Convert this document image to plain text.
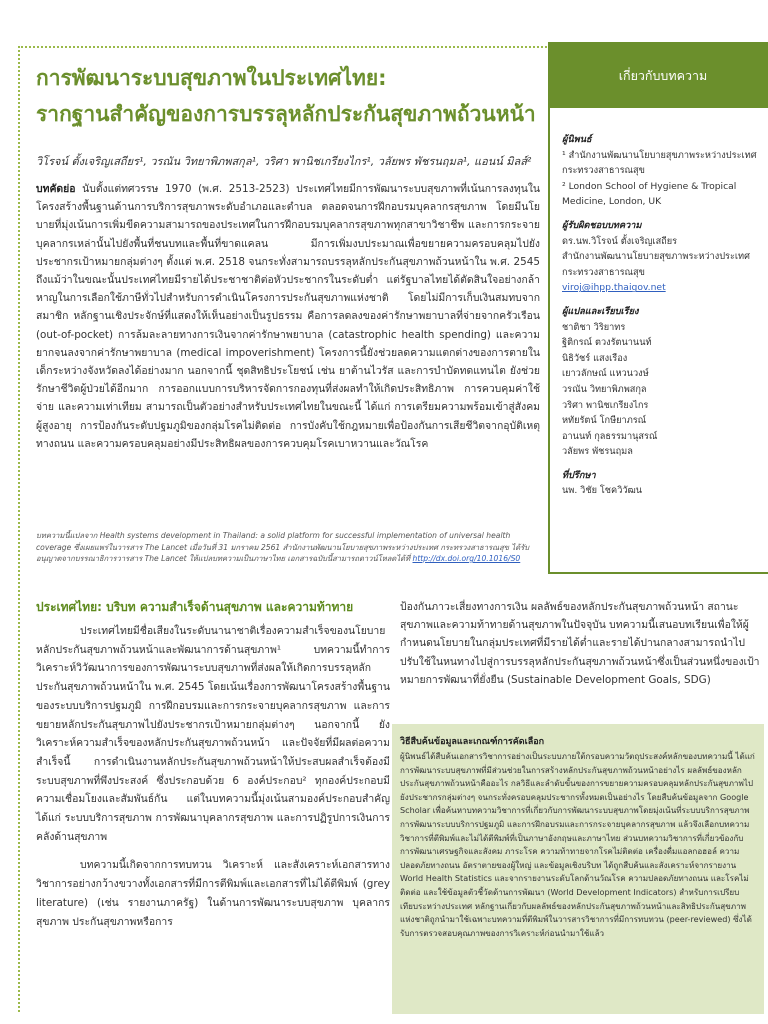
การพัฒนาระบบสุขภาพในประเทศไทย:
รากฐานสำคัญของการบรรลุหลักประกันสุขภาพถ้วนหน้า
วิโรจน์ ตั้งเจริญเสถียร¹, วรณัน วิทยาพิภพสกุล¹, วริศา พานิชเกรียงไกร¹, วลัยพร พัชรนฤมล¹, แอนน์ มิลส์²
บทคัดย่อ นับตั้งแต่ทศวรรษ 1970 (พ.ศ. 2513-2523) ประเทศไทยมีการพัฒนาระบบสุขภาพที่เน้นการลงทุนในโครงสร้างพื้นฐานด้านการบริการสุขภาพระดับอำเภอและตำบล ตลอดจนการฝึกอบรมบุคลากรสุขภาพ โดยมีนโยบายที่มุ่งเน้นการเพิ่มขีดความสามารถของประเทศในการฝึกอบรมบุคลากรสุขภาพทุกสาขาวิชาชีพ และการกระจายบุคลากรเหล่านั้นไปยังพื้นที่ชนบทและพื้นที่ขาดแคลน มีการเพิ่มงบประมาณเพื่อขยายความครอบคลุมไปยังประชากรเป้าหมายกลุ่มต่างๆ ตั้งแต่ พ.ศ. 2518 จนกระทั่งสามารถบรรลุหลักประกันสุขภาพถ้วนหน้าใน พ.ศ. 2545 ถึงแม้ว่าในขณะนั้นประเทศไทยมีรายได้ประชาชาติต่อหัวประชากรในระดับต่ำ แต่รัฐบาลไทยได้ตัดสินใจอย่างกล้าหาญในการเลือกใช้ภาษีทั่วไปสำหรับการดำเนินโครงการประกันสุขภาพแห่งชาติ โดยไม่มีการเก็บเงินสมทบจากสมาชิก หลักฐานเชิงประจักษ์ที่แสดงให้เห็นอย่างเป็นรูปธรรม คือการลดลงของค่ารักษาพยาบาลที่จ่ายจากครัวเรือน (out-of-pocket) การล้มละลายทางการเงินจากค่ารักษาพยาบาล (catastrophic health spending) และความยากจนลงจากค่ารักษาพยาบาล (medical impoverishment) โครงการนี้ยังช่วยลดความแตกต่างของการตายในเด็กระหว่างจังหวัดลงได้อย่างมาก นอกจากนี้ ชุดสิทธิประโยชน์ เช่น ยาต้านไวรัส และการบำบัดทดแทนไต ยังช่วยรักษาชีวิตผู้ป่วยได้อีกมาก การออกแบบการบริหารจัดการกองทุนที่ส่งผลทำให้เกิดประสิทธิภาพ การควบคุมค่าใช้จ่าย และความเท่าเทียม สามารถเป็นตัวอย่างสำหรับประเทศไทยในขณะนี้ ได้แก่ การเตรียมความพร้อมเข้าสู่สังคมผู้สูงอายุ การป้องกันระดับปฐมภูมิของกลุ่มโรคไม่ติดต่อ การบังคับใช้กฎหมายเพื่อป้องกันการเสียชีวิตจากอุบัติเหตุทางถนน และความครอบคลุมอย่างมีประสิทธิผลของการควบคุมโรคเบาหวานและวัณโรค
บทความนี้แปลจาก Health systems development in Thailand: a solid platform for successful implementation of universal health coverage ซึ่งเผยแพร่ในวารสาร The Lancet เมื่อวันที่ 31 มกราคม 2561 สำนักงานพัฒนานโยบายสุขภาพระหว่างประเทศ กระทรวงสาธารณสุข ได้รับอนุญาตจากบรรณาธิการวารสาร The Lancet ให้แปลบทความเป็นภาษาไทย เอกสารฉบับนี้สามารถดาวน์โหลดได้ที่ http://dx.doi.org/10.1016/S0
เกี่ยวกับบทความ
ผู้นิพนธ์
¹ สำนักงานพัฒนานโยบายสุขภาพระหว่างประเทศ กระทรวงสาธารณสุข
² London School of Hygiene & Tropical Medicine, London, UK
ผู้รับผิดชอบบทความ
ดร.นพ.วิโรจน์ ตั้งเจริญเสถียร
สำนักงานพัฒนานโยบายสุขภาพระหว่างประเทศ กระทรวงสาธารณสุข
viroj@ihpp.thaigov.net
ผู้แปลและเรียบเรียง
ชาติชา วิริยาทร
ฐิติกรณ์ ตวงรัตนานนท์
นิธิวัชร์ แสงเรือง
เยาวลักษณ์ แหวนวงษ์
วรณัน วิทยาพิภพสกุล
วริศา พานิชเกรียงไกร
หทัยรัตน์ โกษียาภรณ์
อานนท์ กุลธรรมานุสรณ์
วลัยพร พัชรนฤมล
ที่ปรึกษา
นพ. วิชัย โชควิวัฒน
ประเทศไทย: บริบท ความสำเร็จด้านสุขภาพ และความท้าทาย

ประเทศไทยมีชื่อเสียงในระดับนานาชาติเรื่องความสำเร็จของนโยบายหลักประกันสุขภาพถ้วนหน้าและพัฒนาการด้านสุขภาพ¹ บทความนี้ทำการวิเคราะห์วิวัฒนาการของการพัฒนาระบบสุขภาพที่ส่งผลให้เกิดการบรรลุหลักประกันสุขภาพถ้วนหน้าใน พ.ศ. 2545 โดยเน้นเรื่องการพัฒนาโครงสร้างพื้นฐานของระบบบริการปฐมภูมิ การฝึกอบรมและการกระจายบุคลากรสุขภาพ และการขยายหลักประกันสุขภาพไปยังประชากรเป้าหมายกลุ่มต่างๆ นอกจากนี้ ยังวิเคราะห์ความสำเร็จของหลักประกันสุขภาพถ้วนหน้า และปัจจัยที่มีผลต่อความสำเร็จนี้ การดำเนินงานหลักประกันสุขภาพถ้วนหน้าให้ประสบผลสำเร็จต้องมีระบบสุขภาพที่พึงประสงค์ ซึ่งประกอบด้วย 6 องค์ประกอบ² ทุกองค์ประกอบมีความเชื่อมโยงและสัมพันธ์กัน แต่ในบทความนี้มุ่งเน้นสามองค์ประกอบสำคัญ ได้แก่ ระบบบริการสุขภาพ การพัฒนาบุคลากรสุขภาพ และการปฏิรูปการเงินการคลังด้านสุขภาพ

บทความนี้เกิดจากการทบทวน วิเคราะห์ และสังเคราะห์เอกสารทางวิชาการอย่างกว้างขวางทั้งเอกสารที่มีการตีพิมพ์และเอกสารที่ไม่ได้ตีพิมพ์ (grey literature) (เช่น รายงานภาครัฐ) ในด้านการพัฒนาระบบสุขภาพ บุคลากรสุขภาพ ประกันสุขภาพหรือการ

ป้องกันภาวะเสี่ยงทางการเงิน ผลลัพธ์ของหลักประกันสุขภาพถ้วนหน้า สถานะสุขภาพและความท้าทายด้านสุขภาพในปัจจุบัน บทความนี้เสนอบทเรียนเพื่อให้ผู้กำหนดนโยบายในกลุ่มประเทศที่มีรายได้ต่ำและรายได้ปานกลางสามารถนำไปปรับใช้ในหนทางไปสู่การบรรลุหลักประกันสุขภาพถ้วนหน้าซึ่งเป็นส่วนหนึ่งของเป้าหมายการพัฒนาที่ยั่งยืน (Sustainable Development Goals, SDG)
วิธีสืบค้นข้อมูลและเกณฑ์การคัดเลือก
ผู้นิพนธ์ได้สืบค้นเอกสารวิชาการอย่างเป็นระบบภายใต้กรอบความวัตถุประสงค์หลักของบทความนี้ ได้แก่ การพัฒนาระบบสุขภาพที่มีส่วนช่วยในการสร้างหลักประกันสุขภาพถ้วนหน้าอย่างไร ผลลัพธ์ของหลักประกันสุขภาพถ้วนหน้าคืออะไร กลวิธีและลำดับขั้นของการขยายความครอบคลุมหลักประกันสุขภาพไปยังประชากรกลุ่มต่างๆ จนกระทั่งครอบคลุมประชากรทั้งหมดเป็นอย่างไร โดยสืบค้นข้อมูลจาก Google Scholar เพื่อค้นหาบทความวิชาการที่เกี่ยวกับการพัฒนาระบบสุขภาพโดยมุ่งเน้นที่ระบบบริการสุขภาพ การพัฒนาระบบบริการปฐมภูมิ และการฝึกอบรมและการกระจายบุคลากรสุขภาพ แล้วจึงเลือกบทความวิชาการที่ตีพิมพ์และไม่ได้ตีพิมพ์ที่เป็นภาษาอังกฤษและภาษาไทย ส่วนบทความวิชาการที่เกี่ยวข้องกับการพัฒนาเศรษฐกิจและสังคม ภาระโรค ความท้าทายจากโรคไม่ติดต่อ เครื่องดื่มแอลกอฮอล์ ความปลอดภัยทางถนน อัตราตายของผู้ใหญ่ และข้อมูลเชิงบริบท ได้ถูกสืบค้นและสังเคราะห์จากรายงาน World Health Statistics และจากรายงานระดับโลกด้านวัณโรค ความปลอดภัยทางถนน และโรคไม่ติดต่อ และใช้ข้อมูลตัวชี้วัดด้านการพัฒนา (World Development Indicators) สำหรับการเปรียบเทียบระหว่างประเทศ หลักฐานเกี่ยวกับผลลัพธ์ของหลักประกันสุขภาพถ้วนหน้าและสิทธิประกันสุขภาพแห่งชาติถูกนำมาใช้เฉพาะบทความที่ตีพิมพ์ในวารสารวิชาการที่มีการทบทวน (peer-reviewed) ซึ่งได้รับการตรวจสอบคุณภาพของการวิเคราะห์ก่อนนำมาใช้แล้ว
